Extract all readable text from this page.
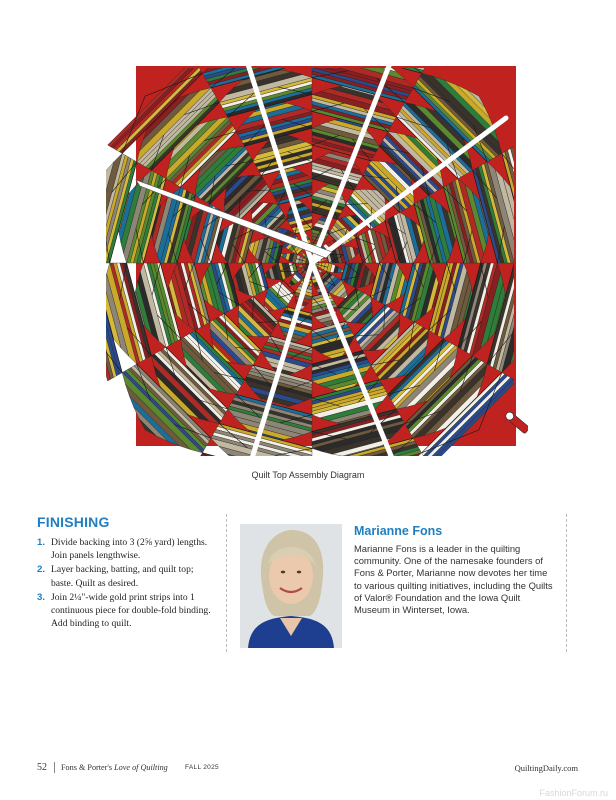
Quilt Top Assembly Diagram
FINISHING
1. Divide backing into 3 (2⅝ yard) lengths. Join panels lengthwise.
2. Layer backing, batting, and quilt top; baste. Quilt as desired.
3. Join 2¼"-wide gold print strips into 1 continuous piece for double-fold binding. Add binding to quilt.
Marianne Fons
Marianne Fons is a leader in the quilting community. One of the namesake founders of Fons & Porter, Marianne now devotes her time to various quilting initiatives, including the Quilts of Valor® Foundation and the Iowa Quilt Museum in Winterset, Iowa.
52 Fons & Porter's Love of Quilting	FALL 2025	QuiltingDaily.com
FashionForum.ru
